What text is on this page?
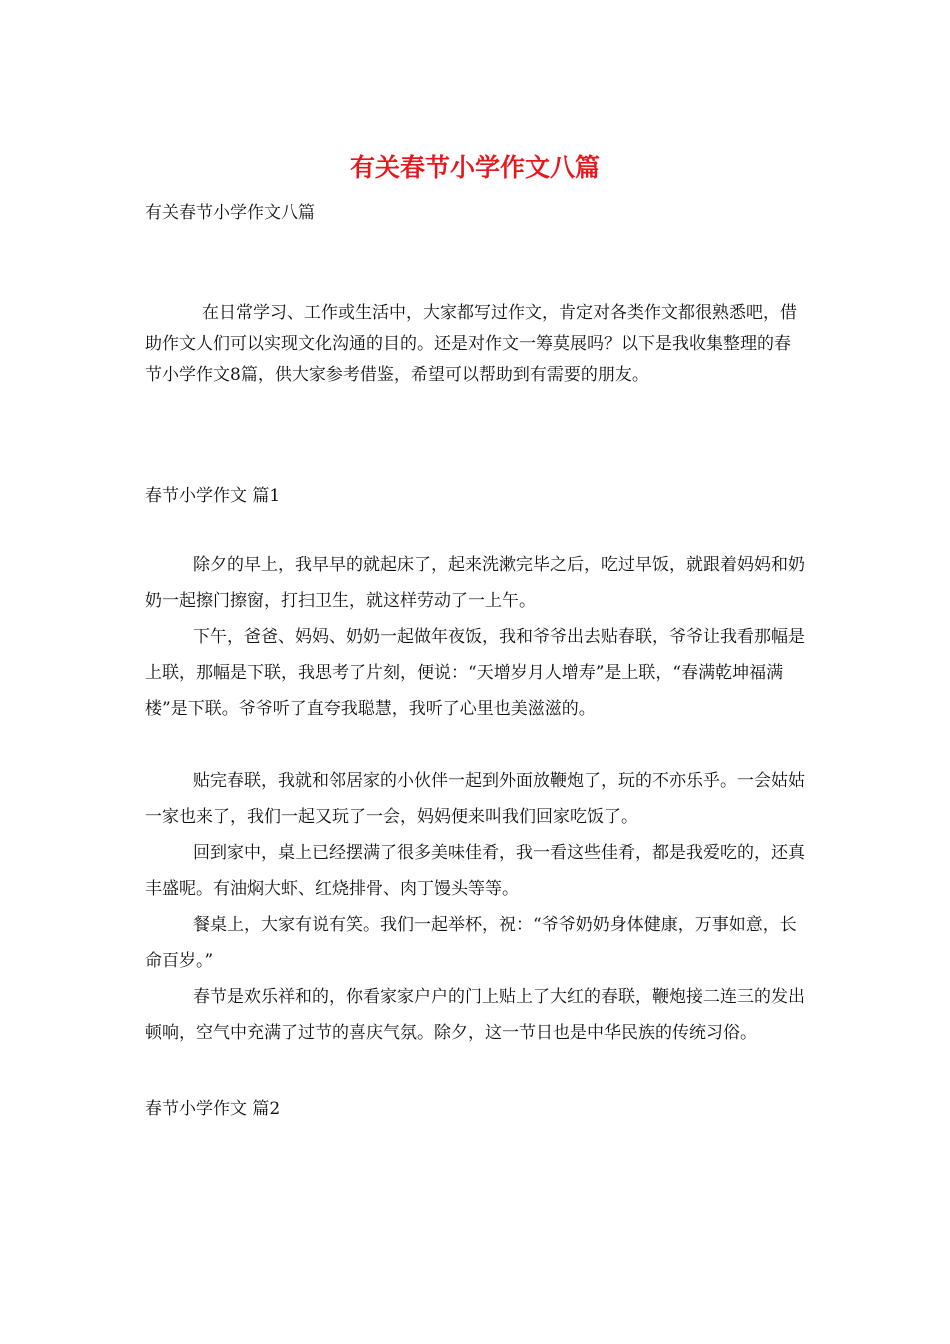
有关春节小学作文八篇

有关春节小学作文八篇

在日常学习、工作或生活中，大家都写过作文，肯定对各类作文都很熟悉吧，借助作文人们可以实现文化沟通的目的。还是对作文一筹莫展吗？以下是我收集整理的春节小学作文8篇，供大家参考借鉴，希望可以帮助到有需要的朋友。

春节小学作文 篇1

除夕的早上，我早早的就起床了，起来洗漱完毕之后，吃过早饭，就跟着妈妈和奶奶一起擦门擦窗，打扫卫生，就这样劳动了一上午。

下午，爸爸、妈妈、奶奶一起做年夜饭，我和爷爷出去贴春联，爷爷让我看那幅是上联，那幅是下联，我思考了片刻，便说：“天增岁月人增寿”是上联，“春满乾坤福满楼”是下联。爷爷听了直夸我聪慧，我听了心里也美滋滋的。

贴完春联，我就和邻居家的小伙伴一起到外面放鞭炮了，玩的不亦乐乎。一会姑姑一家也来了，我们一起又玩了一会，妈妈便来叫我们回家吃饭了。

回到家中，桌上已经摆满了很多美味佳肴，我一看这些佳肴，都是我爱吃的，还真丰盛呢。有油焖大虾、红烧排骨、肉丁馒头等等。

餐桌上，大家有说有笑。我们一起举杯，祝：“爷爷奶奶身体健康，万事如意，长命百岁。”

春节是欢乐祥和的，你看家家户户的门上贴上了大红的春联，鞭炮接二连三的发出顿响，空气中充满了过节的喜庆气氛。除夕，这一节日也是中华民族的传统习俗。

春节小学作文 篇2
